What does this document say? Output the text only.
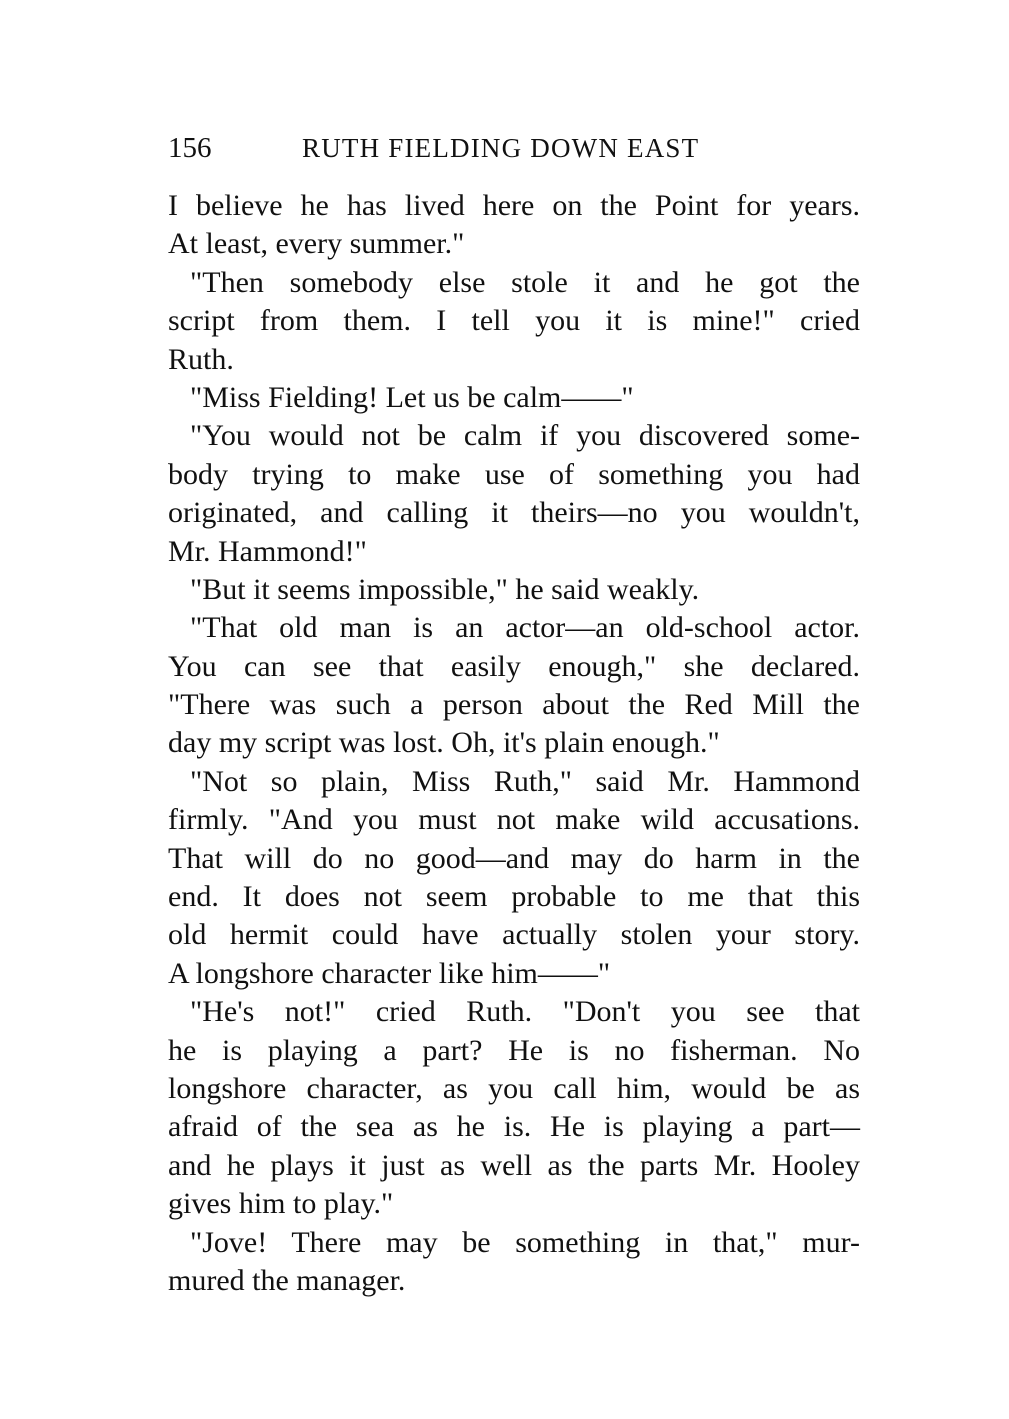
156	RUTH FIELDING DOWN EAST
I believe he has lived here on the Point for years.
At least, every summer."
"Then somebody else stole it and he got the
script from them. I tell you it is mine!" cried
Ruth.
"Miss Fielding! Let us be calm——"
"You would not be calm if you discovered some-
body trying to make use of something you had
originated, and calling it theirs—no you wouldn't,
Mr. Hammond!"
"But it seems impossible," he said weakly.
"That old man is an actor—an old-school actor.
You can see that easily enough," she declared.
"There was such a person about the Red Mill the
day my script was lost. Oh, it's plain enough."
"Not so plain, Miss Ruth," said Mr. Hammond
firmly. "And you must not make wild accusations.
That will do no good—and may do harm in the
end. It does not seem probable to me that this
old hermit could have actually stolen your story.
A longshore character like him——"
"He's not!" cried Ruth. "Don't you see that
he is playing a part? He is no fisherman. No
longshore character, as you call him, would be as
afraid of the sea as he is. He is playing a part—
and he plays it just as well as the parts Mr. Hooley
gives him to play."
"Jove! There may be something in that," mur-
mured the manager.
